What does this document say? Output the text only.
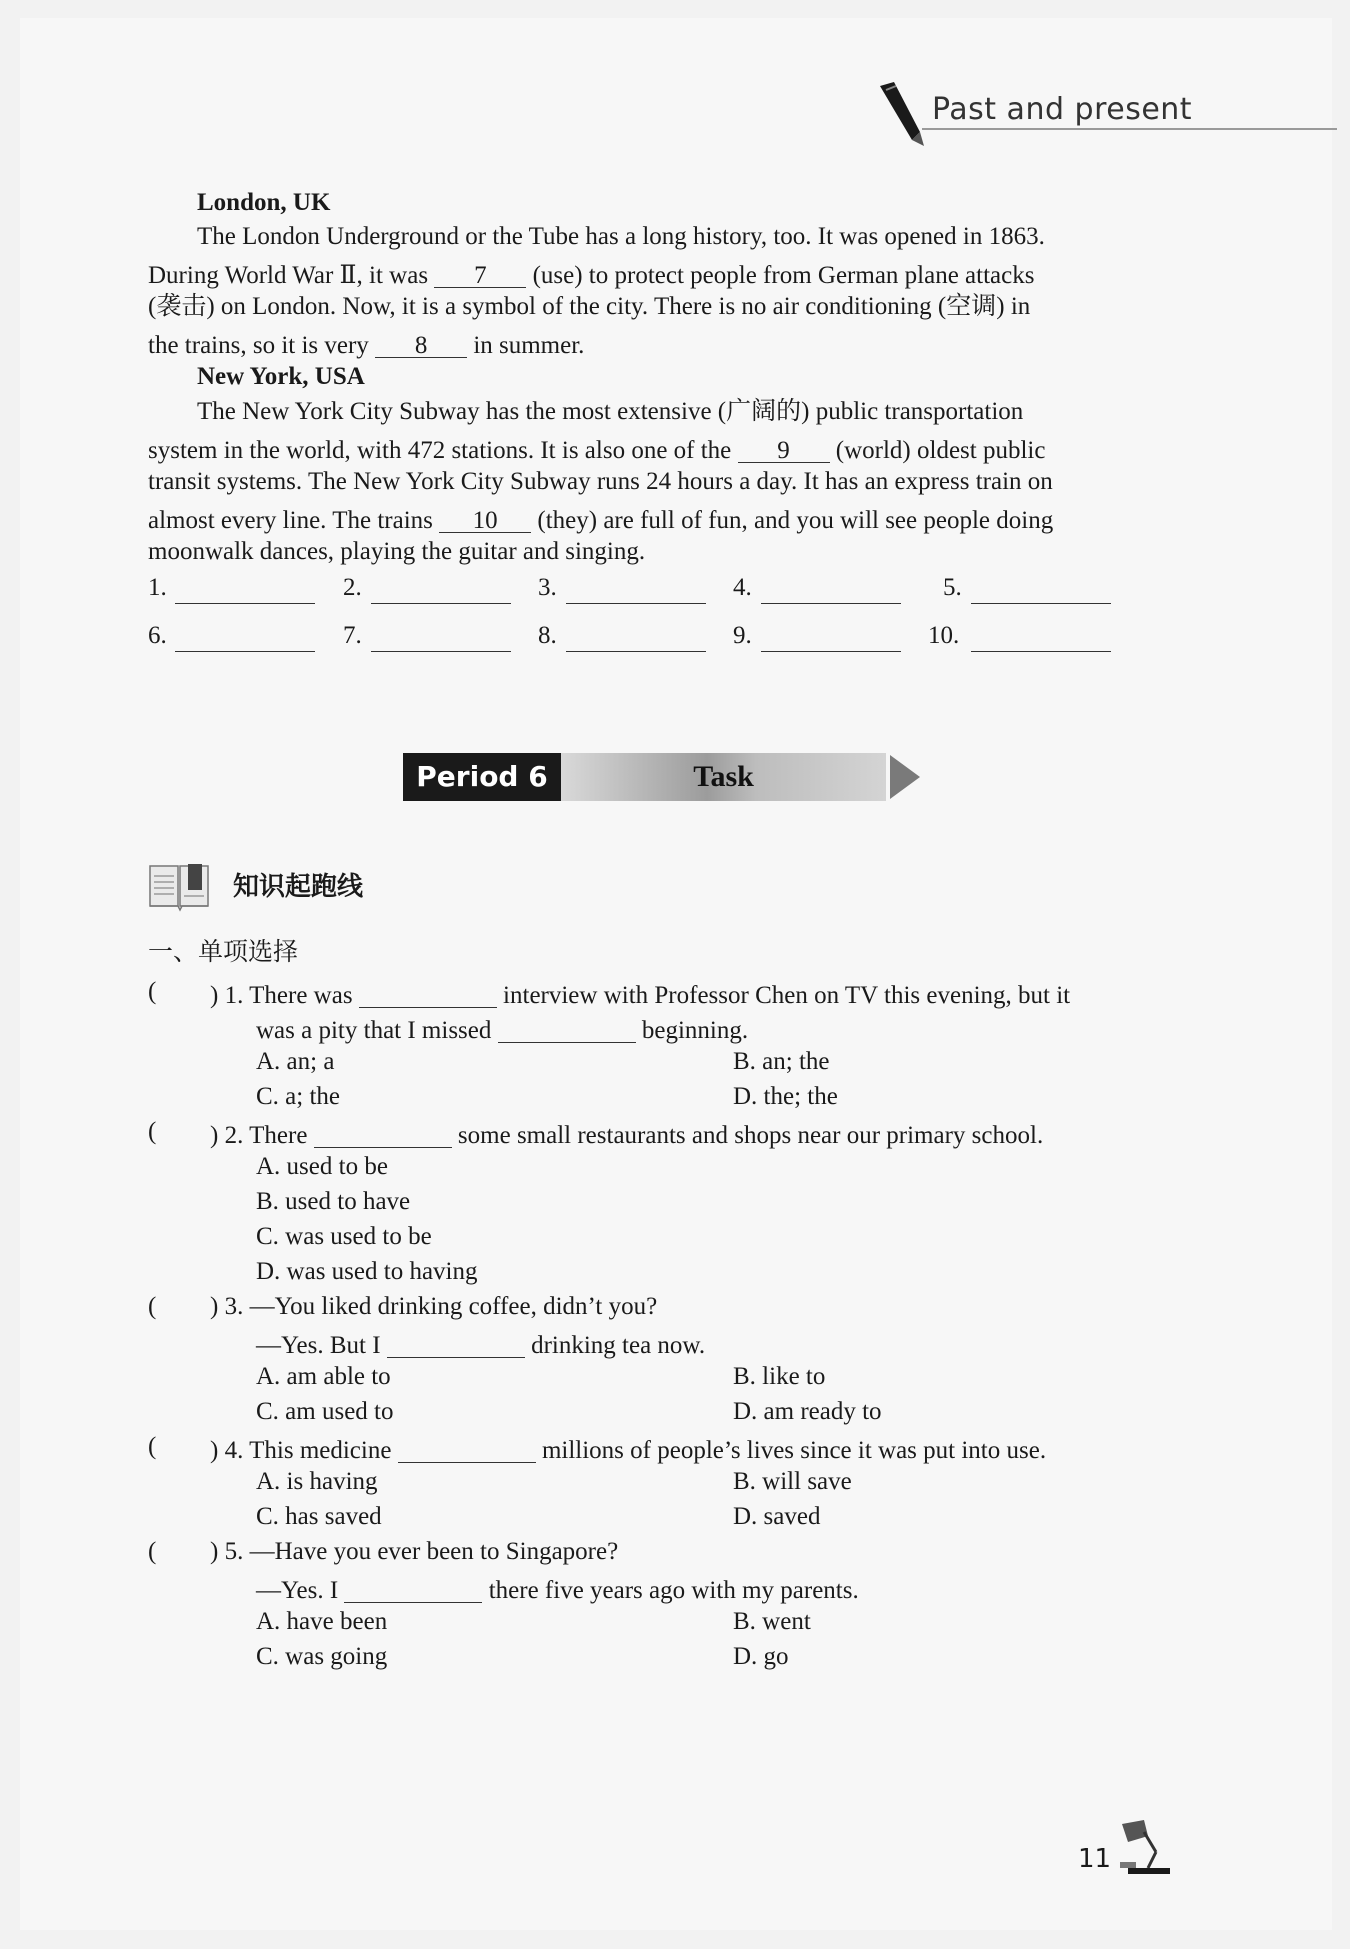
Past and present
London, UK
The London Underground or the Tube has a long history, too. It was opened in 1863.
During World War Ⅱ, it was 7 (use) to protect people from German plane attacks
(袭击) on London. Now, it is a symbol of the city. There is no air conditioning (空调) in
the trains, so it is very 8 in summer.
New York, USA
The New York City Subway has the most extensive (广阔的) public transportation
system in the world, with 472 stations. It is also one of the 9 (world) oldest public
transit systems. The New York City Subway runs 24 hours a day. It has an express train on
almost every line. The trains 10 (they) are full of fun, and you will see people doing
moonwalk dances, playing the guitar and singing.
1.	2.	3.	4.	5.
6.	7.	8.	9.	10.
Period 6	Task
知识起跑线
一、单项选择
( ) 1. There was	interview with Professor Chen on TV this evening, but it
was a pity that I missed	beginning.
A. an; a	B. an; the
C. a; the	D. the; the
( ) 2. There	some small restaurants and shops near our primary school.
A. used to be
B. used to have
C. was used to be
D. was used to having
( ) 3. —You liked drinking coffee, didn’t you?
—Yes. But I	drinking tea now.
A. am able to	B. like to
C. am used to	D. am ready to
( ) 4. This medicine	millions of people’s lives since it was put into use.
A. is having	B. will save
C. has saved	D. saved
( ) 5. —Have you ever been to Singapore?
—Yes. I	there five years ago with my parents.
A. have been	B. went
C. was going	D. go
11
